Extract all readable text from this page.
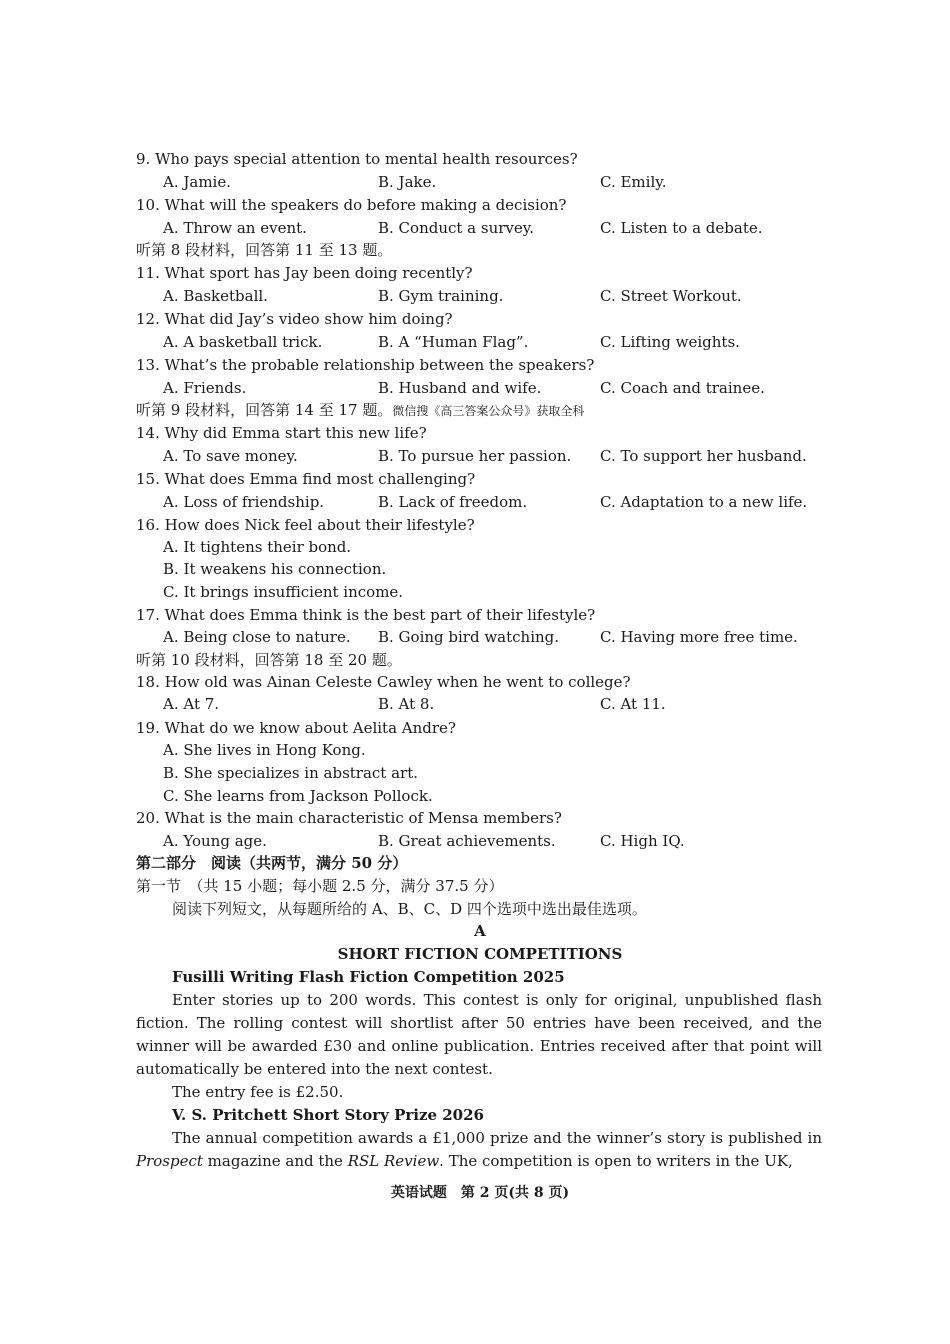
9. Who pays special attention to mental health resources?
A. Jamie.	B. Jake.	C. Emily.
10. What will the speakers do before making a decision?
A. Throw an event.	B. Conduct a survey.	C. Listen to a debate.
听第 8 段材料，回答第 11 至 13 题。
11. What sport has Jay been doing recently?
A. Basketball.	B. Gym training.	C. Street Workout.
12. What did Jay’s video show him doing?
A. A basketball trick.	B. A “Human Flag”.	C. Lifting weights.
13. What’s the probable relationship between the speakers?
A. Friends.	B. Husband and wife.	C. Coach and trainee.
听第 9 段材料，回答第 14 至 17 题。微信搜《高三答案公众号》获取全科
14. Why did Emma start this new life?
A. To save money.	B. To pursue her passion. C. To support her husband.
15. What does Emma find most challenging?
A. Loss of friendship.	B. Lack of freedom.	C. Adaptation to a new life.
16. How does Nick feel about their lifestyle?
A. It tightens their bond.
B. It weakens his connection.
C. It brings insufficient income.
17. What does Emma think is the best part of their lifestyle?
A. Being close to nature. B. Going bird watching.	C. Having more free time.
听第 10 段材料，回答第 18 至 20 题。
18. How old was Ainan Celeste Cawley when he went to college?
A. At 7.	B. At 8.	C. At 11.
19. What do we know about Aelita Andre?
A. She lives in Hong Kong.
B. She specializes in abstract art.
C. She learns from Jackson Pollock.
20. What is the main characteristic of Mensa members?
A. Young age.	B. Great achievements.	C. High IQ.
第二部分　阅读（共两节，满分 50 分）
第一节　（共 15 小题；每小题 2.5 分，满分 37.5 分）
阅读下列短文，从每题所给的 A、B、C、D 四个选项中选出最佳选项。
A
SHORT FICTION COMPETITIONS
Fusilli Writing Flash Fiction Competition 2025
Enter stories up to 200 words. This contest is only for original, unpublished flash fiction. The rolling contest will shortlist after 50 entries have been received, and the winner will be awarded £30 and online publication. Entries received after that point will automatically be entered into the next contest.
The entry fee is £2.50.
V. S. Pritchett Short Story Prize 2026
The annual competition awards a £1,000 prize and the winner’s story is published in Prospect magazine and the RSL Review. The competition is open to writers in the UK,
英语试题　第 2 页(共 8 页)
